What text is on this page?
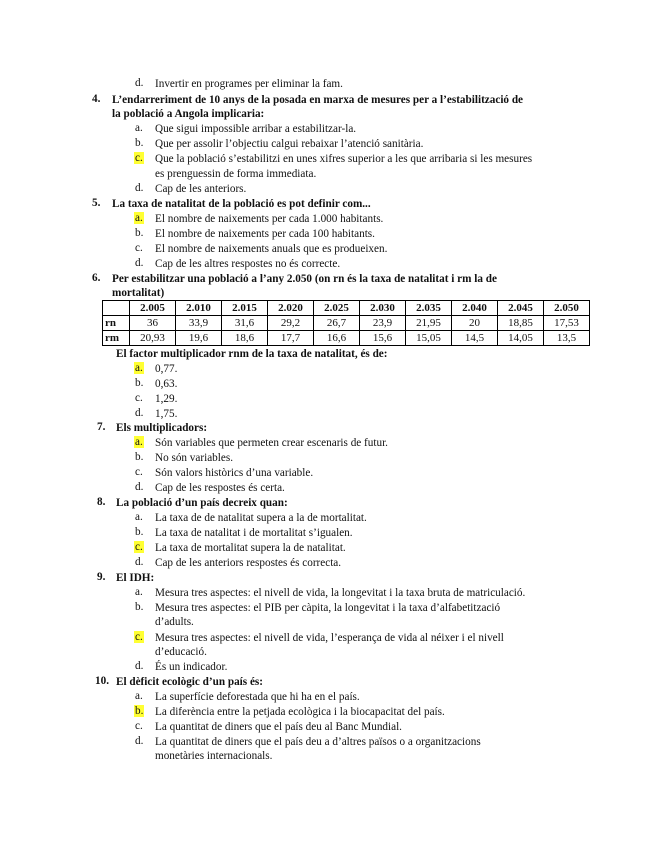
d.	Invertir en programes per eliminar la fam.
4. L’endarreriment de 10 anys de la posada en marxa de mesures per a l’estabilització de
la població a Angola implicaria:
a.	Que sigui impossible arribar a estabilitzar-la.
b.	Que per assolir l’objectiu calgui rebaixar l’atenció sanitària.
c.	Que la població s’estabilitzi en unes xifres superior a les que arribaria si les mesures
es prenguessin de forma immediata.
d.	Cap de les anteriors.
5. La taxa de natalitat de la població es pot definir com...
a.	El nombre de naixements per cada 1.000 habitants.
b.	El nombre de naixements per cada 100 habitants.
c.	El nombre de naixements anuals que es produeixen.
d.	Cap de les altres respostes no és correcte.
6. Per estabilitzar una població a l’any 2.050 (on rn és la taxa de natalitat i rm la de
mortalitat)
	2.005	2.010	2.015	2.020	2.025	2.030	2.035	2.040	2.045	2.050
rn	36	33,9	31,6	29,2	26,7	23,9	21,95	20	18,85	17,53
rm	20,93	19,6	18,6	17,7	16,6	15,6	15,05	14,5	14,05	13,5
El factor multiplicador rnm de la taxa de natalitat, és de:
a.	0,77.
b.	0,63.
c.	1,29.
d.	1,75.
7. Els multiplicadors:
a.	Són variables que permeten crear escenaris de futur.
b.	No són variables.
c.	Són valors històrics d’una variable.
d.	Cap de les respostes és certa.
8. La població d’un país decreix quan:
a.	La taxa de de natalitat supera a la de mortalitat.
b.	La taxa de natalitat i de mortalitat s’igualen.
c.	La taxa de mortalitat supera la de natalitat.
d.	Cap de les anteriors respostes és correcta.
9. El IDH:
a.	Mesura tres aspectes: el nivell de vida, la longevitat i la taxa bruta de matriculació.
b.	Mesura tres aspectes: el PIB per càpita, la longevitat i la taxa d’alfabetització
d’adults.
c.	Mesura tres aspectes: el nivell de vida, l’esperança de vida al néixer i el nivell
d’educació.
d.	És un indicador.
10. El dèficit ecològic d’un país és:
a.	La superfície deforestada que hi ha en el país.
b.	La diferència entre la petjada ecològica i la biocapacitat del país.
c.	La quantitat de diners que el país deu al Banc Mundial.
d.	La quantitat de diners que el país deu a d’altres països o a organitzacions
monetàries internacionals.
